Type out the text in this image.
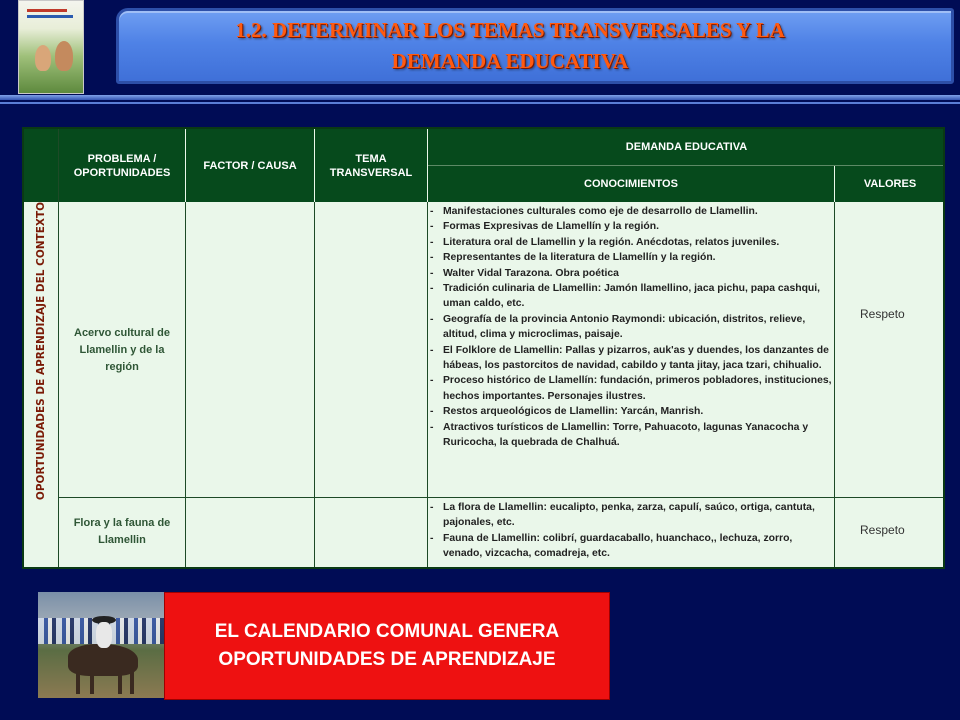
1.2. DETERMINAR LOS TEMAS TRANSVERSALES Y LA
DEMANDA EDUCATIVA
PROBLEMA /
OPORTUNIDADES
FACTOR / CAUSA
TEMA
TRANSVERSAL
DEMANDA EDUCATIVA
CONOCIMIENTOS	VALORES
OPORTUNIDADES DE APRENDIZAJE DEL CONTEXTO	Acervo cultural de
Llamellin y de la
región
- Manifestaciones culturales como eje de desarrollo de Llamellin.
- Formas Expresivas de Llamellín y la región.
- Literatura oral de Llamellin y la región. Anécdotas, relatos juveniles.
- Representantes de la literatura de Llamellín y la región.
- Walter Vidal Tarazona. Obra poética
- Tradición culinaria de Llamellin: Jamón llamellino, jaca pichu, papa cashqui, uman caldo, etc.
- Geografía de la provincia Antonio Raymondi: ubicación, distritos, relieve, altitud, clima y microclimas, paisaje.
- El Folklore de Llamellin: Pallas y pizarros, auk'as y duendes, los danzantes de hábeas, los pastorcitos de navidad, cabildo y tanta jitay, jaca tzari, chihualio.
- Proceso histórico de Llamellín: fundación, primeros pobladores, instituciones, hechos importantes. Personajes ilustres.
- Restos arqueológicos de Llamellin: Yarcán, Manrish.
- Atractivos turísticos de Llamellin: Torre, Pahuacoto, lagunas Yanacocha y Ruricocha, la quebrada de Chalhuá.
Respeto
Flora y la fauna de
Llamellin
- La flora de Llamellin: eucalipto, penka, zarza, capulí, saúco, ortiga, cantuta, pajonales, etc.
- Fauna de Llamellin: colibrí, guardacaballo, huanchaco,, lechuza, zorro, venado, vizcacha, comadreja, etc.
Respeto
EL CALENDARIO COMUNAL GENERA
OPORTUNIDADES DE APRENDIZAJE
